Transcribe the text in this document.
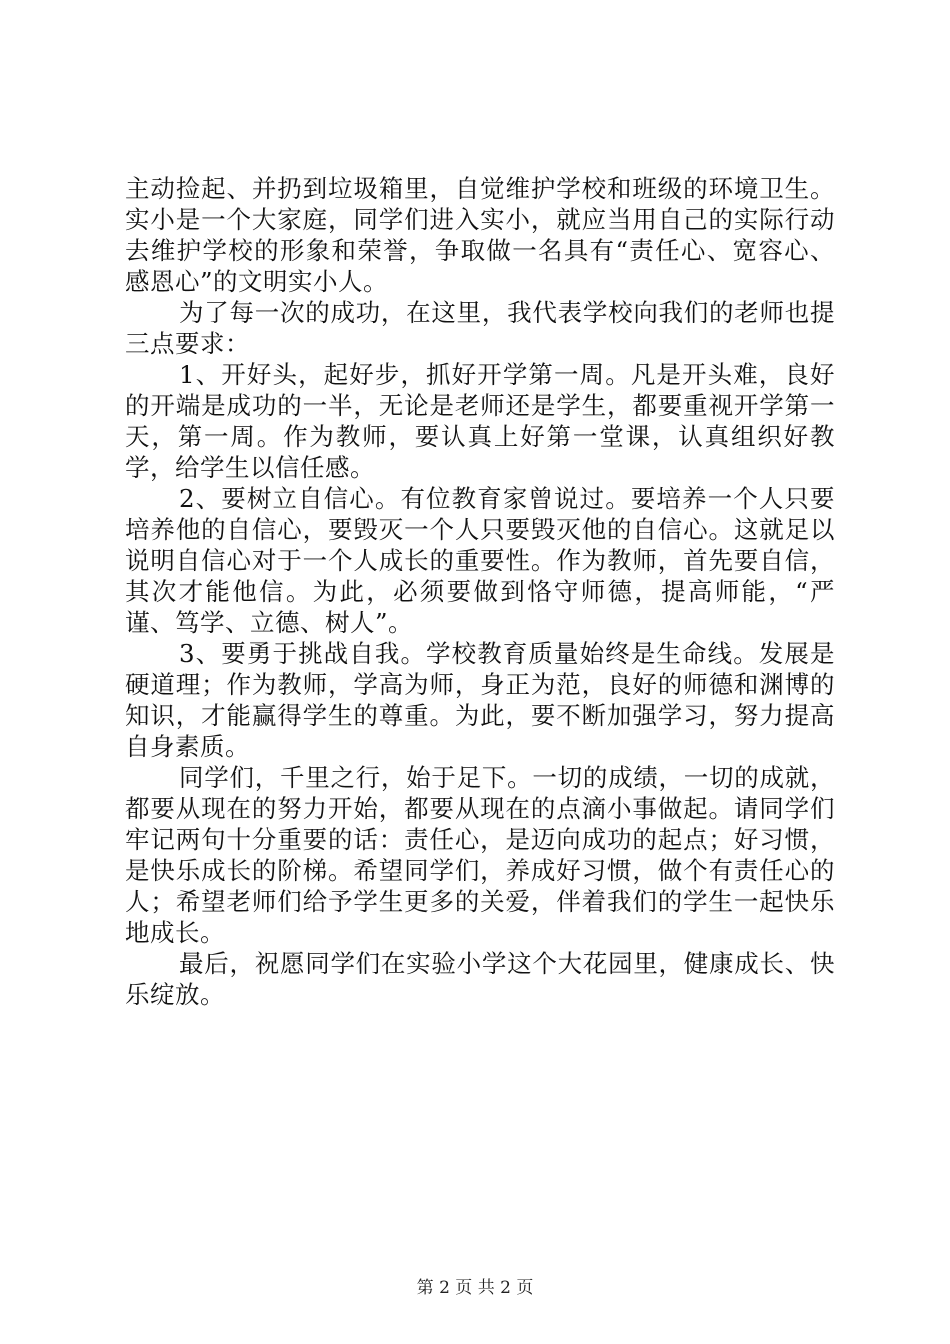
主动捡起、并扔到垃圾箱里，自觉维护学校和班级的环境卫生。实小是一个大家庭，同学们进入实小，就应当用自己的实际行动去维护学校的形象和荣誉，争取做一名具有“责任心、宽容心、感恩心”的文明实小人。

为了每一次的成功，在这里，我代表学校向我们的老师也提三点要求：

1、开好头，起好步，抓好开学第一周。凡是开头难，良好的开端是成功的一半，无论是老师还是学生，都要重视开学第一天，第一周。作为教师，要认真上好第一堂课，认真组织好教学，给学生以信任感。

2、要树立自信心。有位教育家曾说过。要培养一个人只要培养他的自信心，要毁灭一个人只要毁灭他的自信心。这就足以说明自信心对于一个人成长的重要性。作为教师，首先要自信，其次才能他信。为此，必须要做到恪守师德，提高师能，“严谨、笃学、立德、树人”。

3、要勇于挑战自我。学校教育质量始终是生命线。发展是硬道理；作为教师，学高为师，身正为范，良好的师德和渊博的知识，才能赢得学生的尊重。为此，要不断加强学习，努力提高自身素质。

同学们，千里之行，始于足下。一切的成绩，一切的成就，都要从现在的努力开始，都要从现在的点滴小事做起。请同学们牢记两句十分重要的话：责任心，是迈向成功的起点；好习惯，是快乐成长的阶梯。希望同学们，养成好习惯，做个有责任心的人；希望老师们给予学生更多的关爱，伴着我们的学生一起快乐地成长。

最后，祝愿同学们在实验小学这个大花园里，健康成长、快乐绽放。

第 2 页 共 2 页
